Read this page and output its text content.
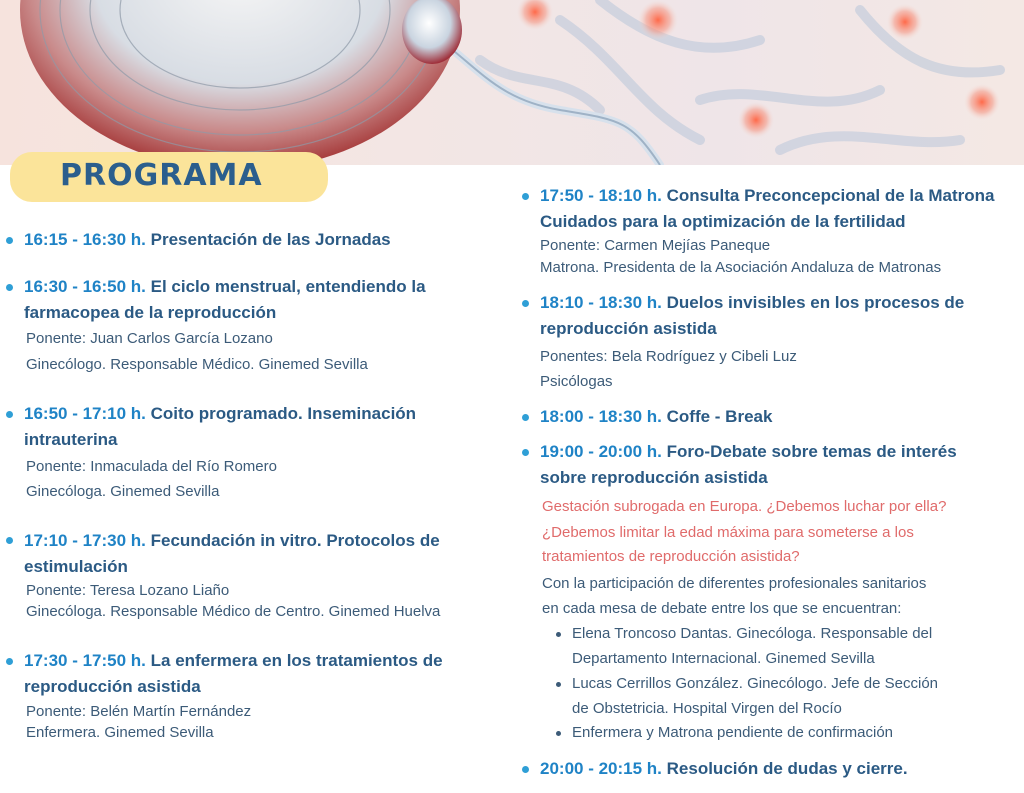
PROGRAMA
16:15 - 16:30 h. Presentación de las Jornadas
16:30 - 16:50 h. El ciclo menstrual, entendiendo la
farmacopea de la reproducción
Ponente: Juan Carlos García Lozano
Ginecólogo. Responsable Médico. Ginemed Sevilla
16:50 - 17:10 h. Coito programado. Inseminación
intrauterina
Ponente: Inmaculada del Río Romero
Ginecóloga. Ginemed Sevilla
17:10 - 17:30 h. Fecundación in vitro. Protocolos de
estimulación
Ponente: Teresa Lozano Liaño
Ginecóloga. Responsable Médico de Centro. Ginemed Huelva
17:30 - 17:50 h. La enfermera en los tratamientos de
reproducción asistida
Ponente: Belén Martín Fernández
Enfermera. Ginemed Sevilla
17:50 - 18:10 h. Consulta Preconcepcional de la Matrona
Cuidados para la optimización de la fertilidad
Ponente: Carmen Mejías Paneque
Matrona. Presidenta de la Asociación Andaluza de Matronas
18:10 - 18:30 h. Duelos invisibles en los procesos de
reproducción asistida
Ponentes: Bela Rodríguez y Cibeli Luz
Psicólogas
18:00 - 18:30 h. Coffe - Break
19:00 - 20:00 h. Foro-Debate sobre temas de interés
sobre reproducción asistida
Gestación subrogada en Europa. ¿Debemos luchar por ella?
¿Debemos limitar la edad máxima para someterse a los
tratamientos de reproducción asistida?
Con la participación de diferentes profesionales sanitarios
en cada mesa de debate entre los que se encuentran:
Elena Troncoso Dantas. Ginecóloga. Responsable del
Departamento Internacional. Ginemed Sevilla
Lucas Cerrillos González. Ginecólogo. Jefe de Sección
de Obstetricia. Hospital Virgen del Rocío
Enfermera y Matrona pendiente de confirmación
20:00 - 20:15 h. Resolución de dudas y cierre.
